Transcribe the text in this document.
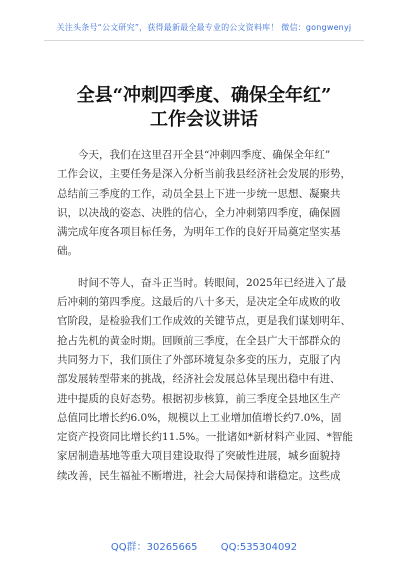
关注头条号“公文研究”，获得最新最全最专业的公文资料库！ 微信：gongwenyj
全县“冲刺四季度、确保全年红”
工作会议讲话
今天，我们在这里召开全县“冲刺四季度、确保全年红”
工作会议，主要任务是深入分析当前我县经济社会发展的形势，
总结前三季度的工作，动员全县上下进一步统一思想、凝聚共
识，以决战的姿态、决胜的信心，全力冲刺第四季度，确保圆
满完成年度各项目标任务，为明年工作的良好开局奠定坚实基
础。
时间不等人，奋斗正当时。转眼间，2025年已经进入了最
后冲刺的第四季度。这最后的八十多天，是决定全年成败的收
官阶段，是检验我们工作成效的关键节点，更是我们谋划明年、
抢占先机的黄金时期。回顾前三季度，在全县广大干部群众的
共同努力下，我们顶住了外部环境复杂多变的压力，克服了内
部发展转型带来的挑战，经济社会发展总体呈现出稳中有进、
进中提质的良好态势。根据初步核算，前三季度全县地区生产
总值同比增长约6.0%，规模以上工业增加值增长约7.0%，固
定资产投资同比增长约11.5%。一批诸如*新材料产业园、*智能
家居制造基地等重大项目建设取得了突破性进展，城乡面貌持
续改善，民生福祉不断增进，社会大局保持和谐稳定。这些成
QQ群：30265665 QQ:535304092
